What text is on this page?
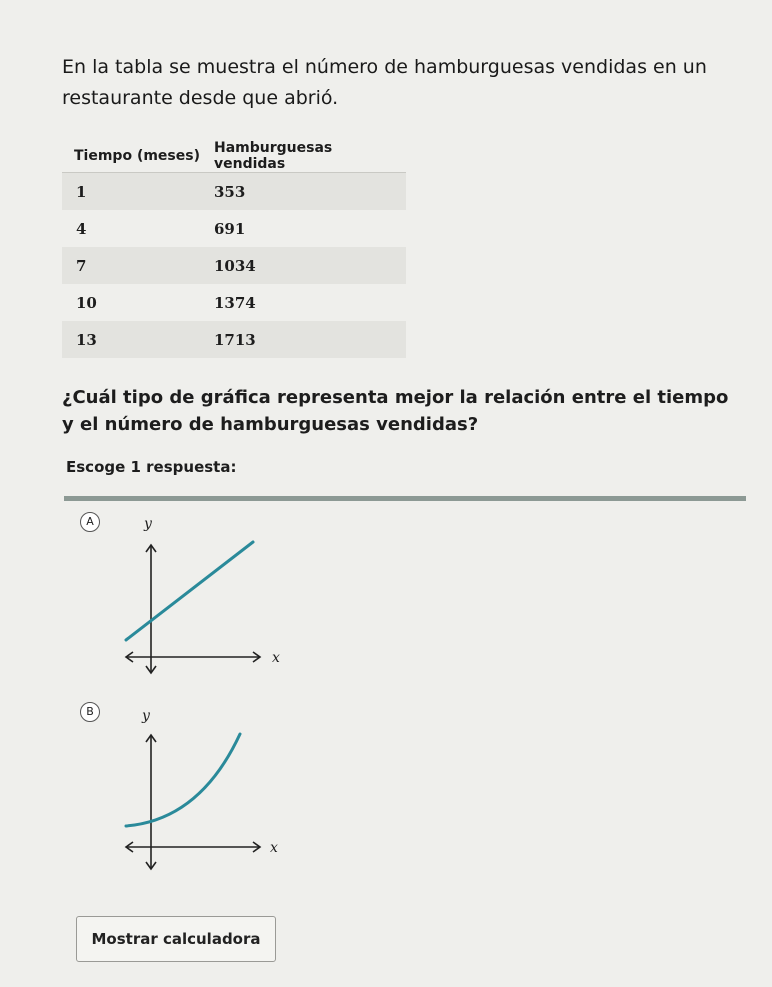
En la tabla se muestra el número de hamburguesas vendidas en un restaurante desde que abrió.
Tiempo (meses)	Hamburguesas vendidas
1	353
4	691
7	1034
10	1374
13	1713
¿Cuál tipo de gráfica representa mejor la relación entre el tiempo y el número de hamburguesas vendidas?
Escoge 1 respuesta:
A	y
x
B	y
x
Mostrar calculadora
